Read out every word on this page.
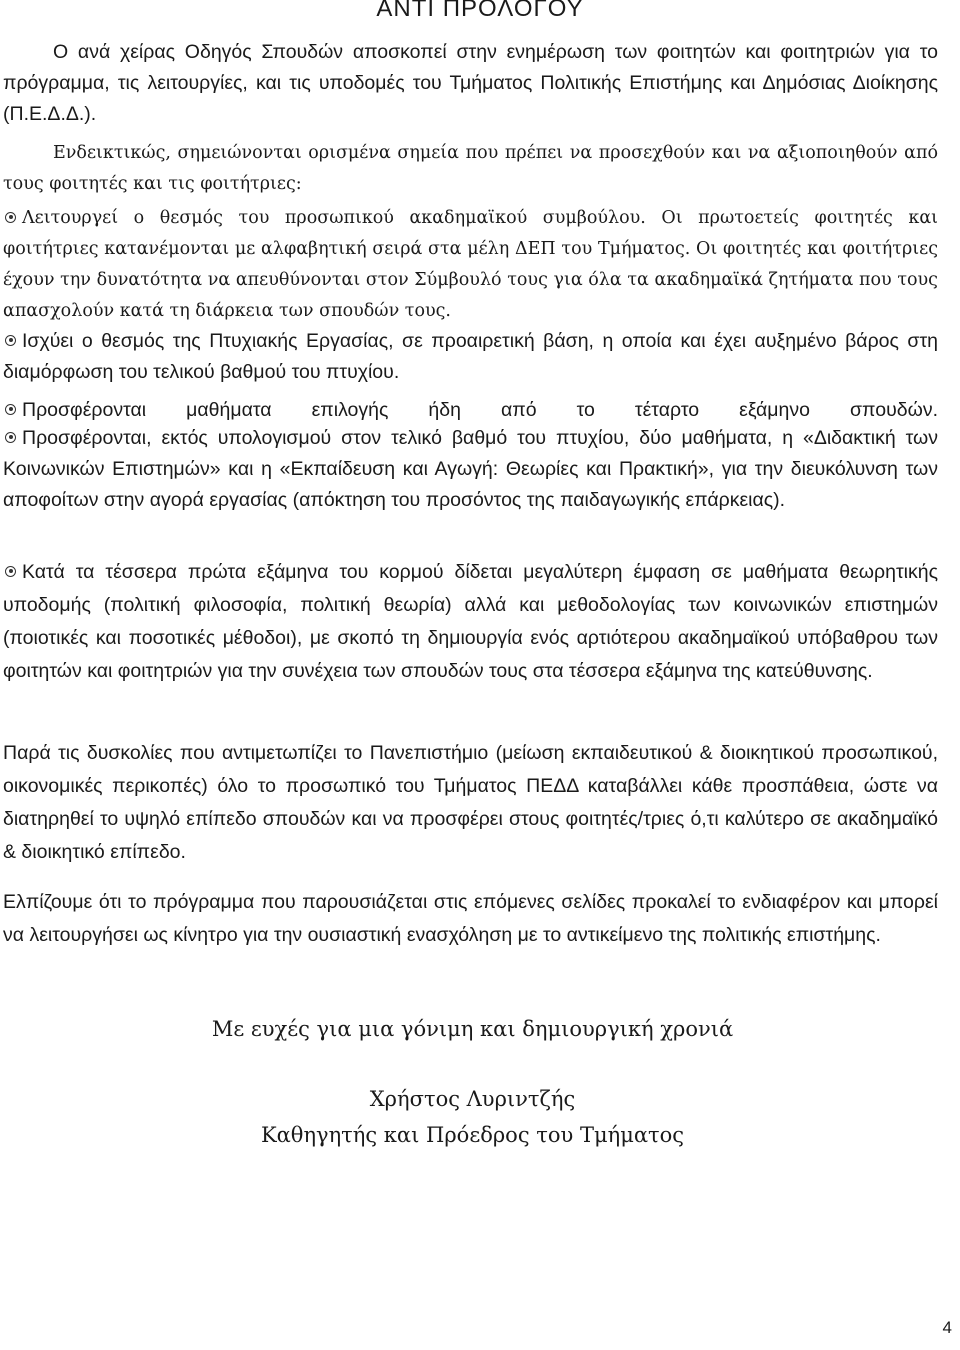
ΑΝΤΙ ΠΡΟΛΟΓΟΥ

Ο ανά χείρας Οδηγός Σπουδών αποσκοπεί στην ενημέρωση των φοιτητών και φοιτητριών για το πρόγραμμα, τις λειτουργίες, και τις υποδομές του Τμήματος Πολιτικής Επιστήμης και Δημόσιας Διοίκησης (Π.Ε.Δ.Δ.).

Ενδεικτικώς, σημειώνονται ορισμένα σημεία που πρέπει να προσεχθούν και να αξιοποιηθούν από τους φοιτητές και τις φοιτήτριες:

Λειτουργεί ο θεσμός του προσωπικού ακαδημαϊκού συμβούλου. Οι πρωτοετείς φοιτητές και φοιτήτριες κατανέμονται με αλφαβητική σειρά στα μέλη ΔΕΠ του Τμήματος. Οι φοιτητές και φοιτήτριες έχουν την δυνατότητα να απευθύνονται στον Σύμβουλό τους για όλα τα ακαδημαϊκά ζητήματα που τους απασχολούν κατά τη διάρκεια των σπουδών τους.

Ισχύει ο θεσμός της Πτυχιακής Εργασίας, σε προαιρετική βάση, η οποία και έχει αυξημένο βάρος στη διαμόρφωση του τελικού βαθμού του πτυχίου.

Προσφέρονται μαθήματα επιλογής ήδη από το τέταρτο εξάμηνο σπουδών.

Προσφέρονται, εκτός υπολογισμού στον τελικό βαθμό του πτυχίου, δύο μαθήματα, η «Διδακτική των Κοινωνικών Επιστημών» και η «Εκπαίδευση και Αγωγή: Θεωρίες και Πρακτική», για την διευκόλυνση των αποφοίτων στην αγορά εργασίας (απόκτηση του προσόντος της παιδαγωγικής επάρκειας).

Κατά τα τέσσερα πρώτα εξάμηνα του κορμού δίδεται μεγαλύτερη έμφαση σε μαθήματα θεωρητικής υποδομής (πολιτική φιλοσοφία, πολιτική θεωρία) αλλά και μεθοδολογίας των κοινωνικών επιστημών (ποιοτικές και ποσοτικές μέθοδοι), με σκοπό τη δημιουργία ενός αρτιότερου ακαδημαϊκού υπόβαθρου των φοιτητών και φοιτητριών για την συνέχεια των σπουδών τους στα τέσσερα εξάμηνα της κατεύθυνσης.

Παρά τις δυσκολίες που αντιμετωπίζει το Πανεπιστήμιο (μείωση εκπαιδευτικού & διοικητικού προσωπικού, οικονομικές περικοπές) όλο το προσωπικό του Τμήματος ΠΕΔΔ καταβάλλει κάθε προσπάθεια, ώστε να διατηρηθεί το υψηλό επίπεδο σπουδών και να προσφέρει στους φοιτητές/τριες ό,τι καλύτερο σε ακαδημαϊκό & διοικητικό επίπεδο.

Ελπίζουμε ότι το πρόγραμμα που παρουσιάζεται στις επόμενες σελίδες προκαλεί το ενδιαφέρον και μπορεί να λειτουργήσει ως κίνητρο για την ουσιαστική ενασχόληση με το αντικείμενο της πολιτικής επιστήμης.

Με ευχές για μια γόνιμη και δημιουργική χρονιά

Χρήστος Λυριντζής

Καθηγητής και Πρόεδρος του Τμήματος

4
